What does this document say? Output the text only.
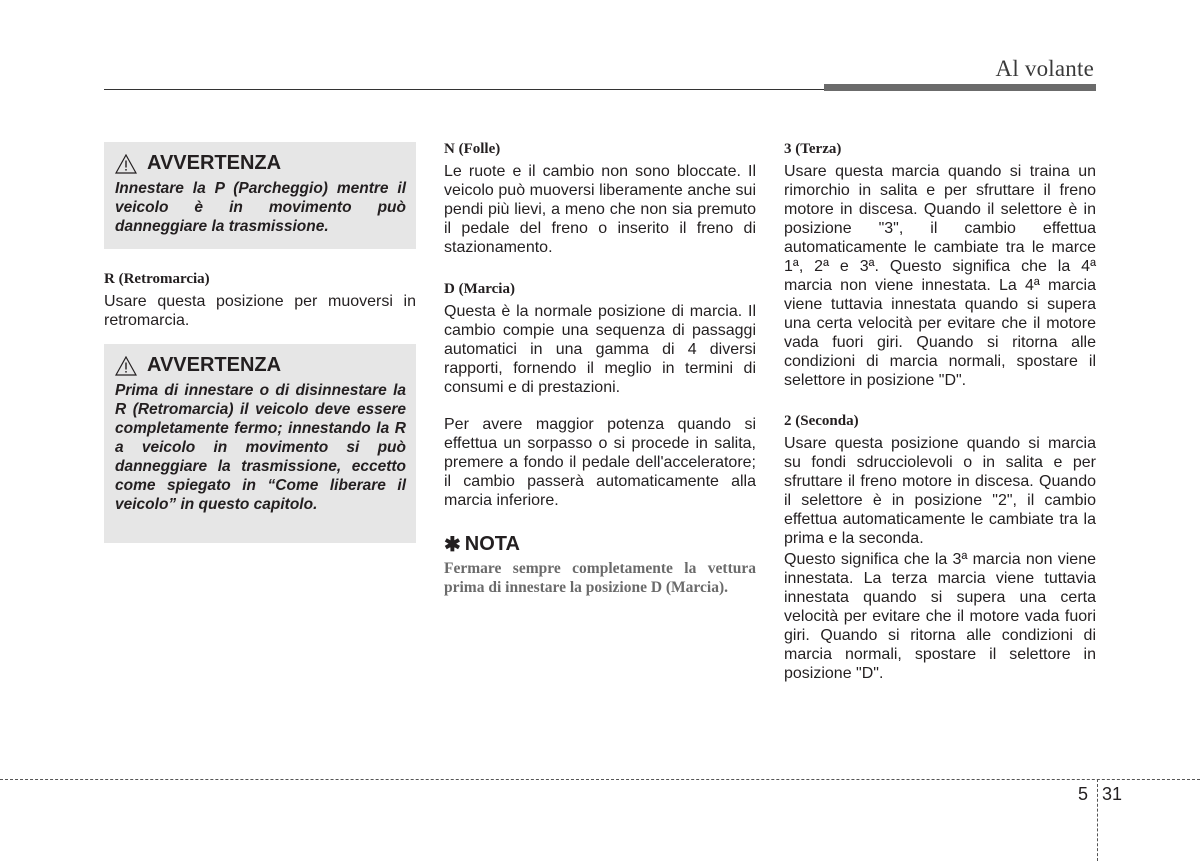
Al volante
AVVERTENZA
Innestare la P (Parcheggio) mentre il veicolo è in movimento può danneggiare la trasmissione.
R (Retromarcia)

Usare questa posizione per muoversi in retromarcia.

AVVERTENZA
Prima di innestare o di disinnestare la R (Retromarcia) il veicolo deve essere completamente fermo; innestando la R a veicolo in movimento si può danneggiare la trasmissione, eccetto come spiegato in “Come liberare il veicolo” in questo capitolo.
N (Folle)

Le ruote e il cambio non sono bloccate. Il veicolo può muoversi liberamente anche sui pendi più lievi, a meno che non sia premuto il pedale del freno o inserito il freno di stazionamento.

D (Marcia)

Questa è la normale posizione di marcia. Il cambio compie una sequenza di passaggi automatici in una gamma di 4 diversi rapporti, fornendo il meglio in termini di consumi e di prestazioni.

Per avere maggior potenza quando si effettua un sorpasso o si procede in salita, premere a fondo il pedale dell'acceleratore; il cambio passerà automaticamente alla marcia inferiore.

✱ NOTA
Fermare sempre completamente la vettura prima di innestare la posizione D (Marcia).
3 (Terza)

Usare questa marcia quando si traina un rimorchio in salita e per sfruttare il freno motore in discesa. Quando il selettore è in posizione "3", il cambio effettua automaticamente le cambiate tra le marce 1ª, 2ª e 3ª. Questo significa che la 4ª marcia non viene innestata. La 4ª marcia viene tuttavia innestata quando si supera una certa velocità per evitare che il motore vada fuori giri. Quando si ritorna alle condizioni di marcia normali, spostare il selettore in posizione "D".

2 (Seconda)

Usare questa posizione quando si marcia su fondi sdrucciolevoli o in salita e per sfruttare il freno motore in discesa. Quando il selettore è in posizione "2", il cambio effettua automaticamente le cambiate tra la prima e la seconda.

Questo significa che la 3ª marcia non viene innestata. La terza marcia viene tuttavia innestata quando si supera una certa velocità per evitare che il motore vada fuori giri. Quando si ritorna alle condizioni di marcia normali, spostare il selettore in posizione "D".

5 31
